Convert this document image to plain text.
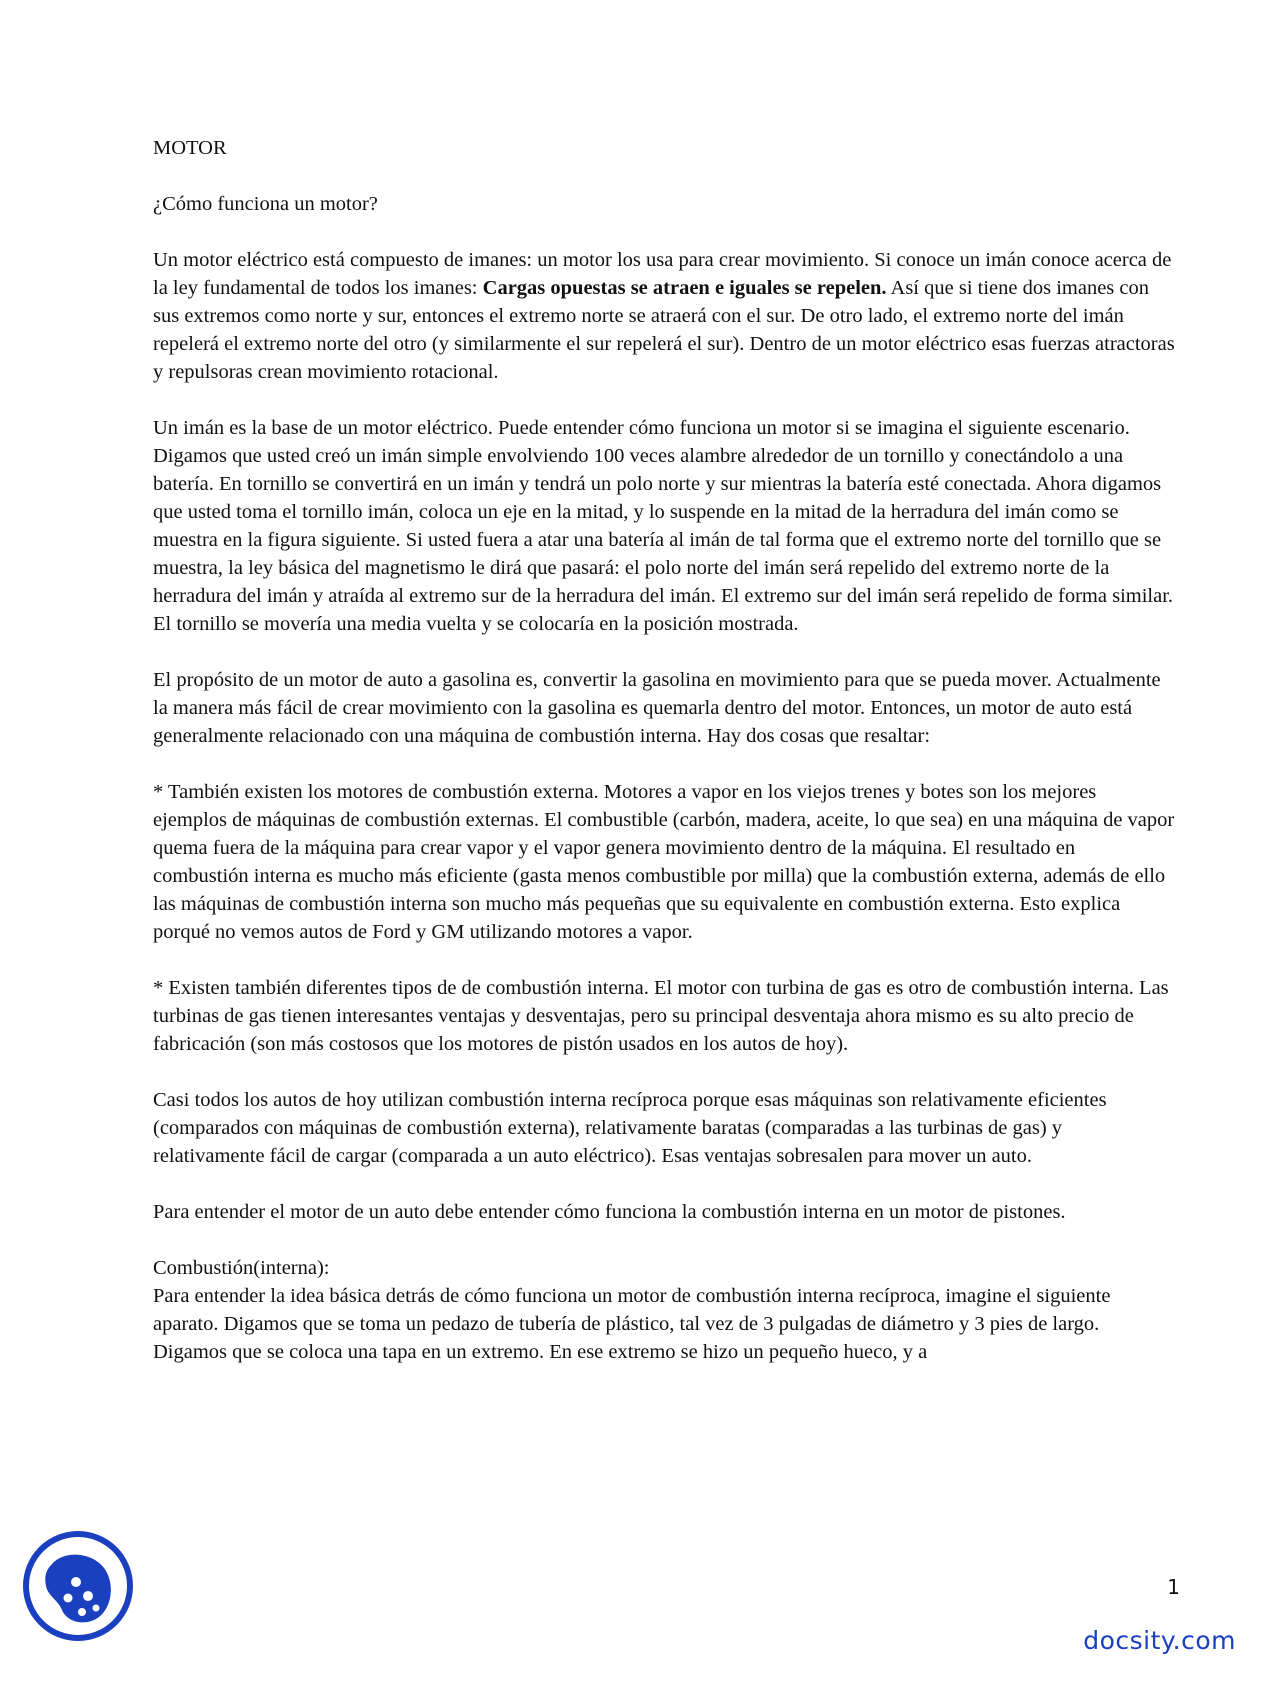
MOTOR

¿Cómo funciona un motor?

Un motor eléctrico está compuesto de imanes: un motor los usa para crear movimiento. Si conoce un imán conoce acerca de la ley fundamental de todos los imanes: Cargas opuestas se atraen e iguales se repelen. Así que si tiene dos imanes con sus extremos como norte y sur, entonces el extremo norte se atraerá con el sur. De otro lado, el extremo norte del imán repelerá el extremo norte del otro (y similarmente el sur repelerá el sur). Dentro de un motor eléctrico esas fuerzas atractoras y repulsoras crean movimiento rotacional.

Un imán es la base de un motor eléctrico. Puede entender cómo funciona un motor si se imagina el siguiente escenario. Digamos que usted creó un imán simple envolviendo 100 veces alambre alrededor de un tornillo y conectándolo a una batería. En tornillo se convertirá en un imán y tendrá un polo norte y sur mientras la batería esté conectada. Ahora digamos que usted toma el tornillo imán, coloca un eje en la mitad, y lo suspende en la mitad de la herradura del imán como se muestra en la figura siguiente. Si usted fuera a atar una batería al imán de tal forma que el extremo norte del tornillo que se muestra, la ley básica del magnetismo le dirá que pasará: el polo norte del imán será repelido del extremo norte de la herradura del imán y atraída al extremo sur de la herradura del imán. El extremo sur del imán será repelido de forma similar. El tornillo se movería una media vuelta y se colocaría en la posición mostrada.

El propósito de un motor de auto a gasolina es, convertir la gasolina en movimiento para que se pueda mover. Actualmente la manera más fácil de crear movimiento con la gasolina es quemarla dentro del motor. Entonces, un motor de auto está generalmente relacionado con una máquina de combustión interna. Hay dos cosas que resaltar:

* También existen los motores de combustión externa. Motores a vapor en los viejos trenes y botes son los mejores ejemplos de máquinas de combustión externas. El combustible (carbón, madera, aceite, lo que sea) en una máquina de vapor quema fuera de la máquina para crear vapor y el vapor genera movimiento dentro de la máquina. El resultado en combustión interna es mucho más eficiente (gasta menos combustible por milla) que la combustión externa, además de ello las máquinas de combustión interna son mucho más pequeñas que su equivalente en combustión externa. Esto explica porqué no vemos autos de Ford y GM utilizando motores a vapor.

* Existen también diferentes tipos de de combustión interna. El motor con turbina de gas es otro de combustión interna. Las turbinas de gas tienen interesantes ventajas y desventajas, pero su principal desventaja ahora mismo es su alto precio de fabricación (son más costosos que los motores de pistón usados en los autos de hoy).

Casi todos los autos de hoy utilizan combustión interna recíproca porque esas máquinas son relativamente eficientes (comparados con máquinas de combustión externa), relativamente baratas (comparadas a las turbinas de gas) y relativamente fácil de cargar (comparada a un auto eléctrico). Esas ventajas sobresalen para mover un auto.

Para entender el motor de un auto debe entender cómo funciona la combustión interna en un motor de pistones.

Combustión(interna):

Para entender la idea básica detrás de cómo funciona un motor de combustión interna recíproca, imagine el siguiente aparato. Digamos que se toma un pedazo de tubería de plástico, tal vez de 3 pulgadas de diámetro y 3 pies de largo. Digamos que se coloca una tapa en un extremo. En ese extremo se hizo un pequeño hueco, y a

1
docsity.com
